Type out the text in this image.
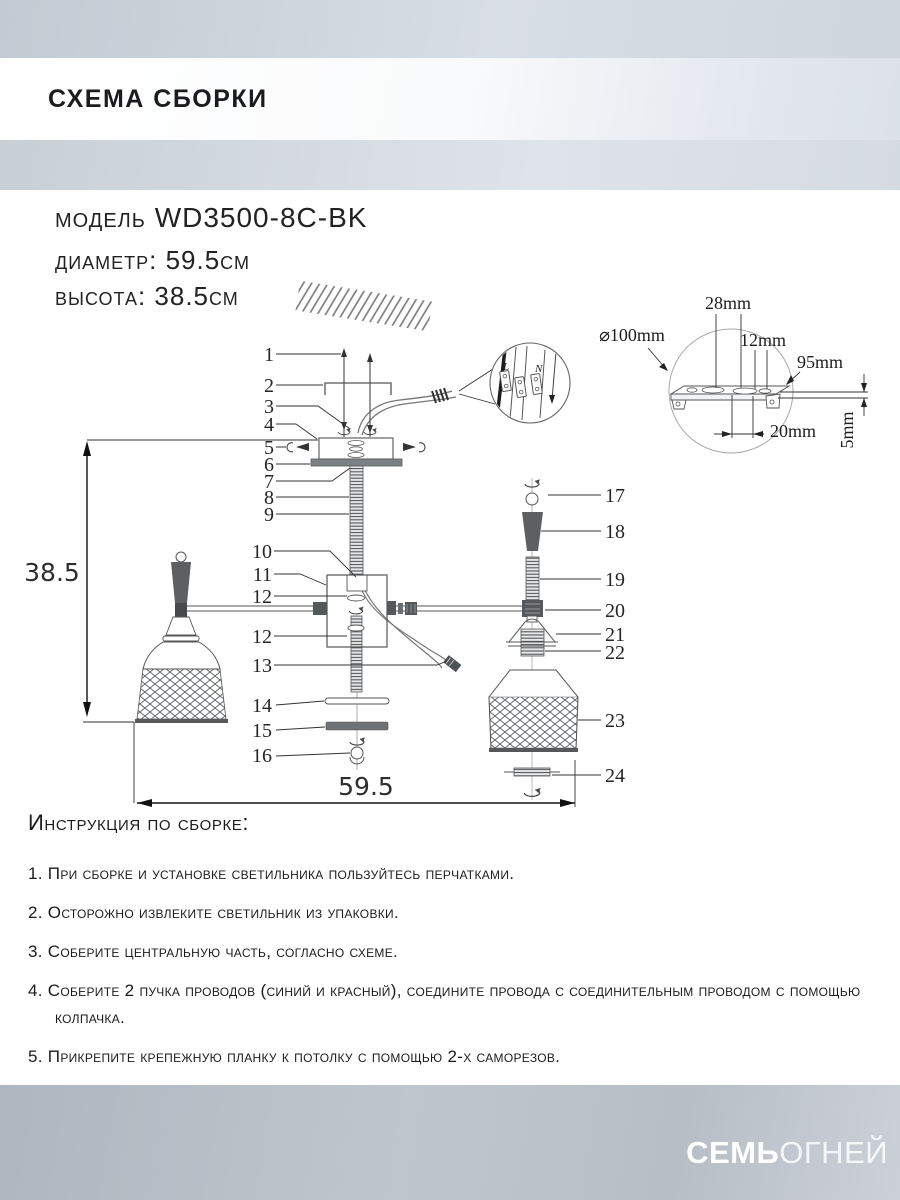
СХЕМА СБОРКИ
модель WD3500-8C-BK
диаметр: 59.5см
высота: 38.5см	28mm
12mm
95mm
⌀100mm
20mm 5mm
L N
38.5
59.5
1
2
3
4
5
6
7
8
9
10
11
12
12
13
14
15
16
17
18
19
20
21
22
23
24
Инструкция по сборке:
1. При сборке и установке светильника пользуйтесь перчатками.
2. Осторожно извлеките светильник из упаковки.
3. Соберите центральную часть, согласно схеме.
4. Соберите 2 пучка проводов (синий и красный), соедините провода с соединительным проводом с помощью колпачка.
5. Прикрепите крепежную планку к потолку с помощью 2-х саморезов.
СЕМЬОГНЕЙ
